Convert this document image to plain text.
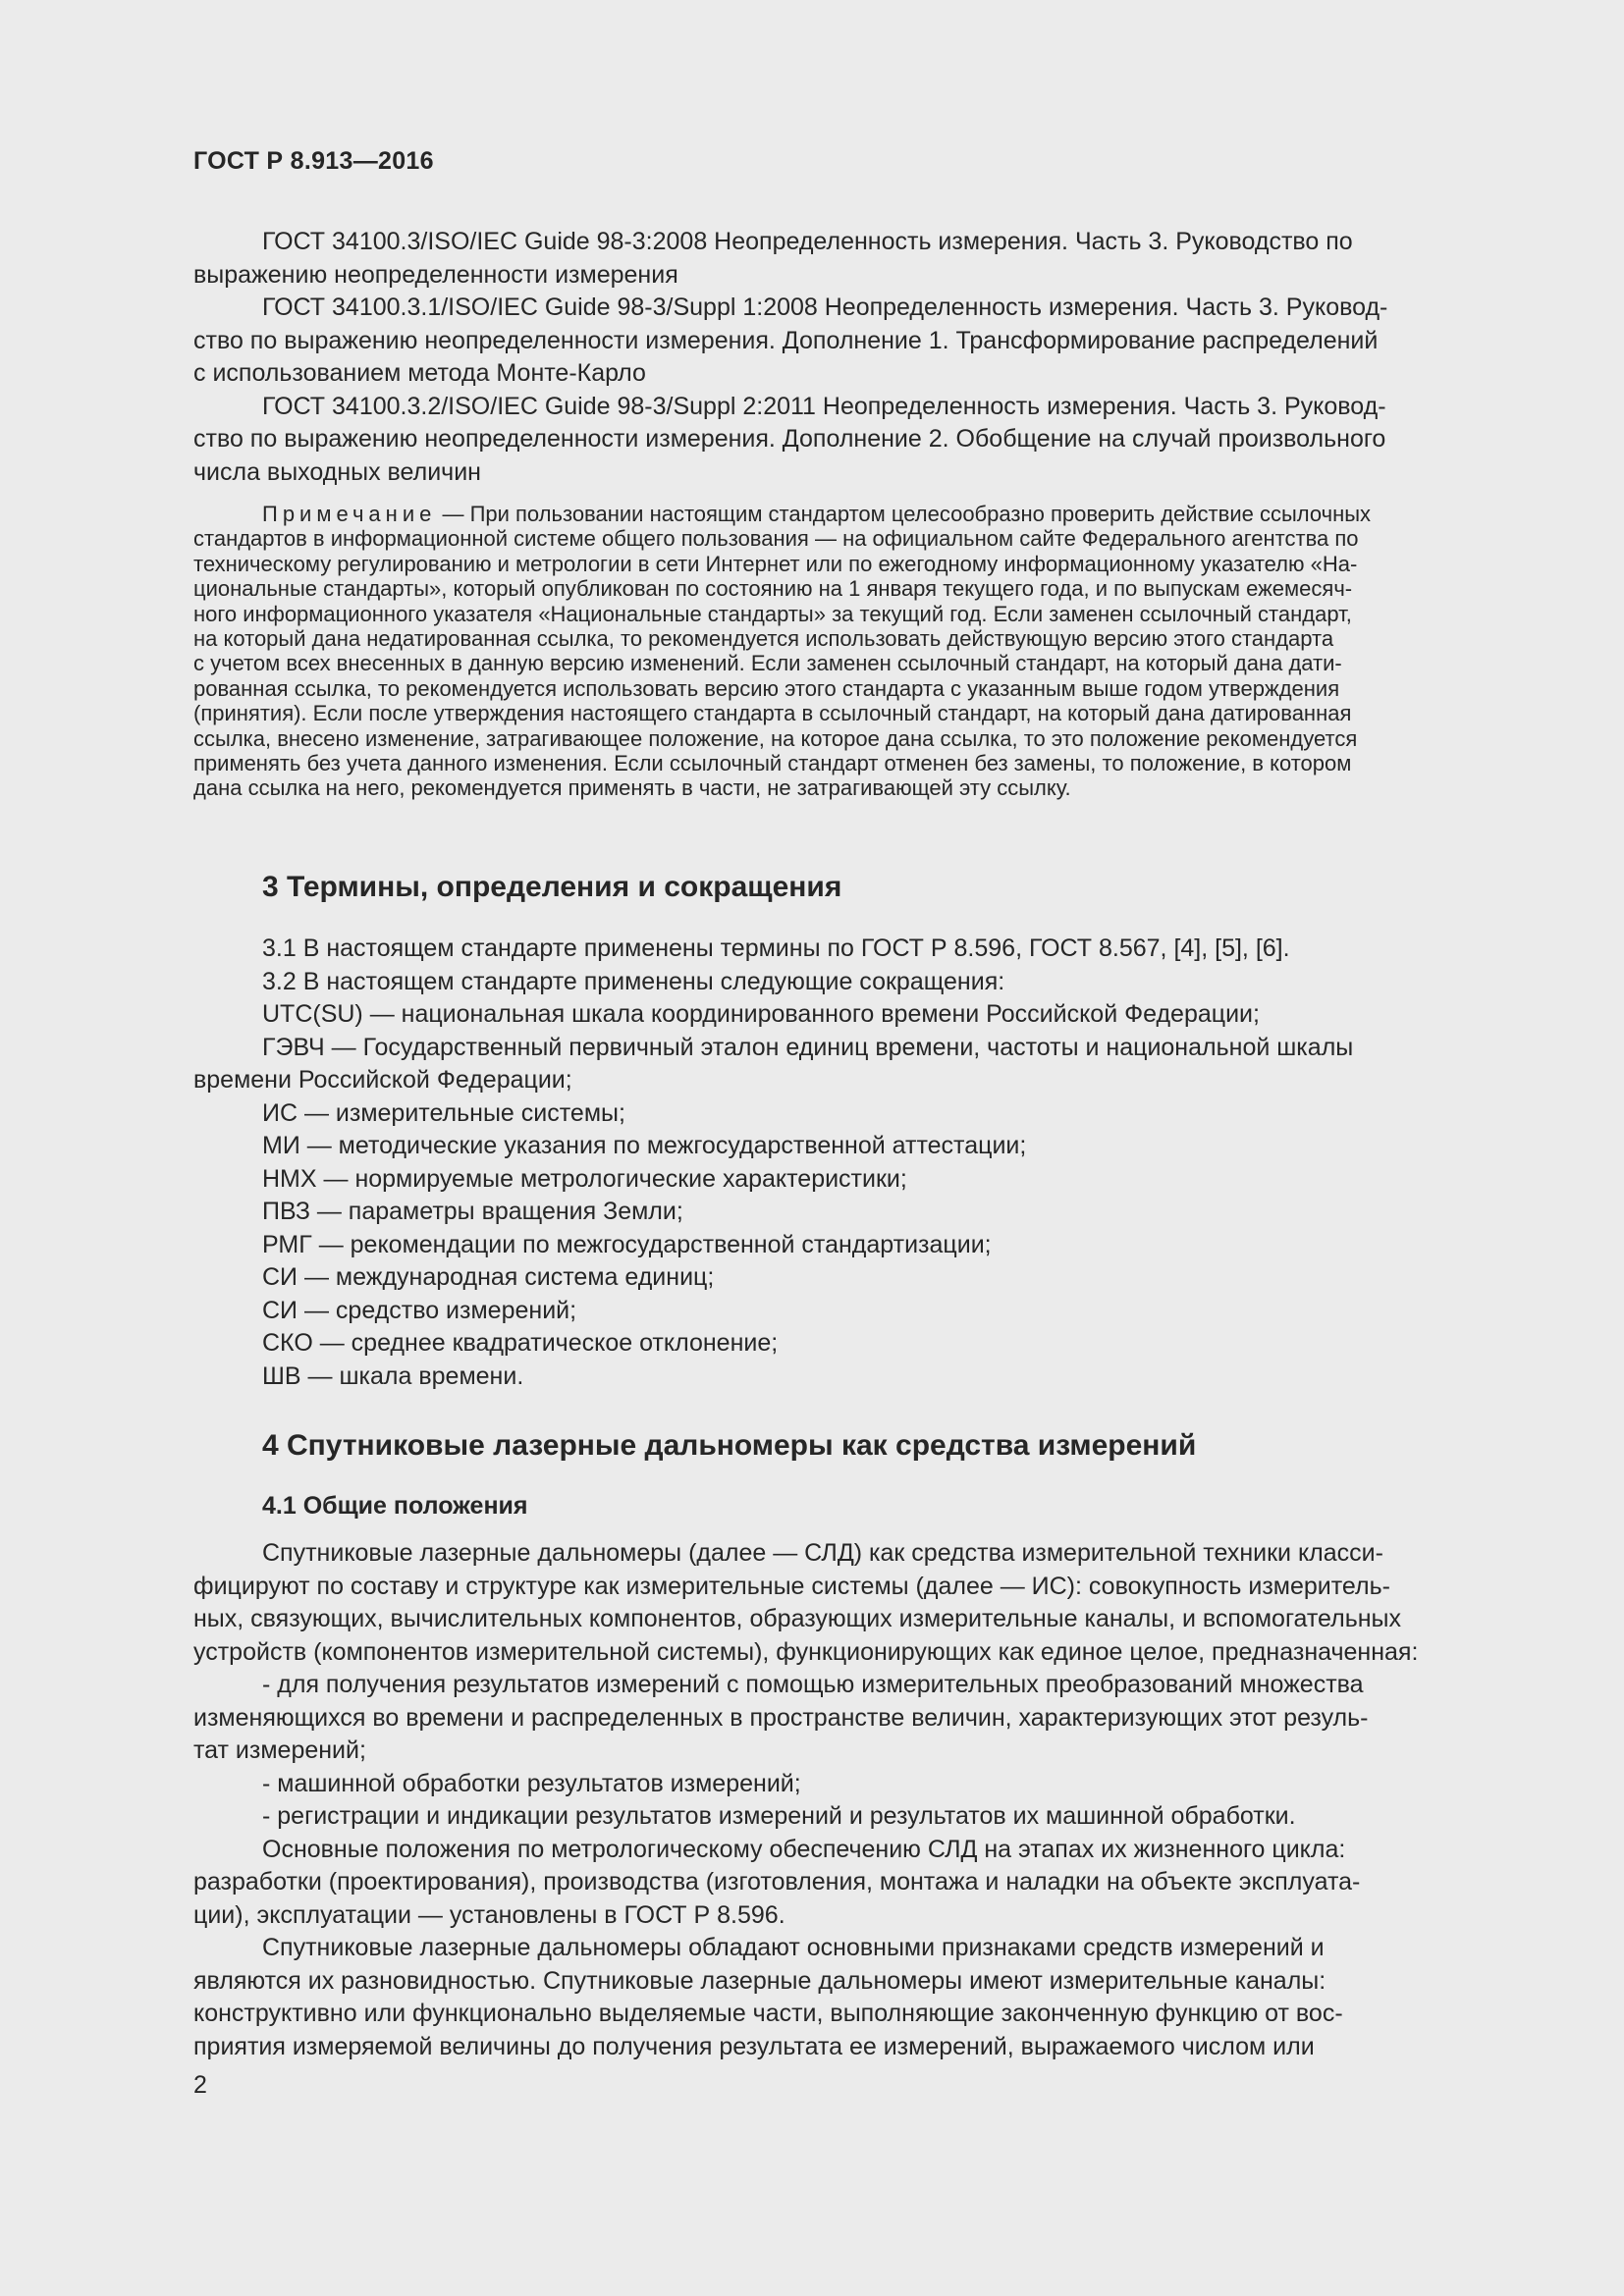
ГОСТ Р 8.913—2016

ГОСТ 34100.3/ISO/IEC Guide 98-3:2008 Неопределенность измерения. Часть 3. Руководство по
выражению неопределенности измерения

ГОСТ 34100.3.1/ISO/IEC Guide 98-3/Suppl 1:2008 Неопределенность измерения. Часть 3. Руковод-
ство по выражению неопределенности измерения. Дополнение 1. Трансформирование распределений
с использованием метода Монте-Карло

ГОСТ 34100.3.2/ISO/IEC Guide 98-3/Suppl 2:2011 Неопределенность измерения. Часть 3. Руковод-
ство по выражению неопределенности измерения. Дополнение 2. Обобщение на случай произвольного
числа выходных величин

Примечание — При пользовании настоящим стандартом целесообразно проверить действие ссылочных
стандартов в информационной системе общего пользования — на официальном сайте Федерального агентства по
техническому регулированию и метрологии в сети Интернет или по ежегодному информационному указателю «На-
циональные стандарты», который опубликован по состоянию на 1 января текущего года, и по выпускам ежемесяч-
ного информационного указателя «Национальные стандарты» за текущий год. Если заменен ссылочный стандарт,
на который дана недатированная ссылка, то рекомендуется использовать действующую версию этого стандарта
с учетом всех внесенных в данную версию изменений. Если заменен ссылочный стандарт, на который дана дати-
рованная ссылка, то рекомендуется использовать версию этого стандарта с указанным выше годом утверждения
(принятия). Если после утверждения настоящего стандарта в ссылочный стандарт, на который дана датированная
ссылка, внесено изменение, затрагивающее положение, на которое дана ссылка, то это положение рекомендуется
применять без учета данного изменения. Если ссылочный стандарт отменен без замены, то положение, в котором
дана ссылка на него, рекомендуется применять в части, не затрагивающей эту ссылку.

3 Термины, определения и сокращения

3.1 В настоящем стандарте применены термины по ГОСТ Р 8.596, ГОСТ 8.567, [4], [5], [6].

3.2 В настоящем стандарте применены следующие сокращения:

UTC(SU) — национальная шкала координированного времени Российской Федерации;

ГЭВЧ — Государственный первичный эталон единиц времени, частоты и национальной шкалы
времени Российской Федерации;

ИС — измерительные системы;

МИ — методические указания по межгосударственной аттестации;

НМХ — нормируемые метрологические характеристики;

ПВЗ — параметры вращения Земли;

РМГ — рекомендации по межгосударственной стандартизации;

СИ — международная система единиц;

СИ — средство измерений;

СКО — среднее квадратическое отклонение;

ШВ — шкала времени.

4 Спутниковые лазерные дальномеры как средства измерений
4.1 Общие положения

Спутниковые лазерные дальномеры (далее — СЛД) как средства измерительной техники класси-
фицируют по составу и структуре как измерительные системы (далее — ИС): совокупность измеритель-
ных, связующих, вычислительных компонентов, образующих измерительные каналы, и вспомогательных
устройств (компонентов измерительной системы), функционирующих как единое целое, предназначенная:

- для получения результатов измерений с помощью измерительных преобразований множества
изменяющихся во времени и распределенных в пространстве величин, характеризующих этот резуль-
тат измерений;

- машинной обработки результатов измерений;

- регистрации и индикации результатов измерений и результатов их машинной обработки.

Основные положения по метрологическому обеспечению СЛД на этапах их жизненного цикла:
разработки (проектирования), производства (изготовления, монтажа и наладки на объекте эксплуата-
ции), эксплуатации — установлены в ГОСТ Р 8.596.

Спутниковые лазерные дальномеры обладают основными признаками средств измерений и
являются их разновидностью. Спутниковые лазерные дальномеры имеют измерительные каналы:
конструктивно или функционально выделяемые части, выполняющие законченную функцию от вос-
приятия измеряемой величины до получения результата ее измерений, выражаемого числом или

2
